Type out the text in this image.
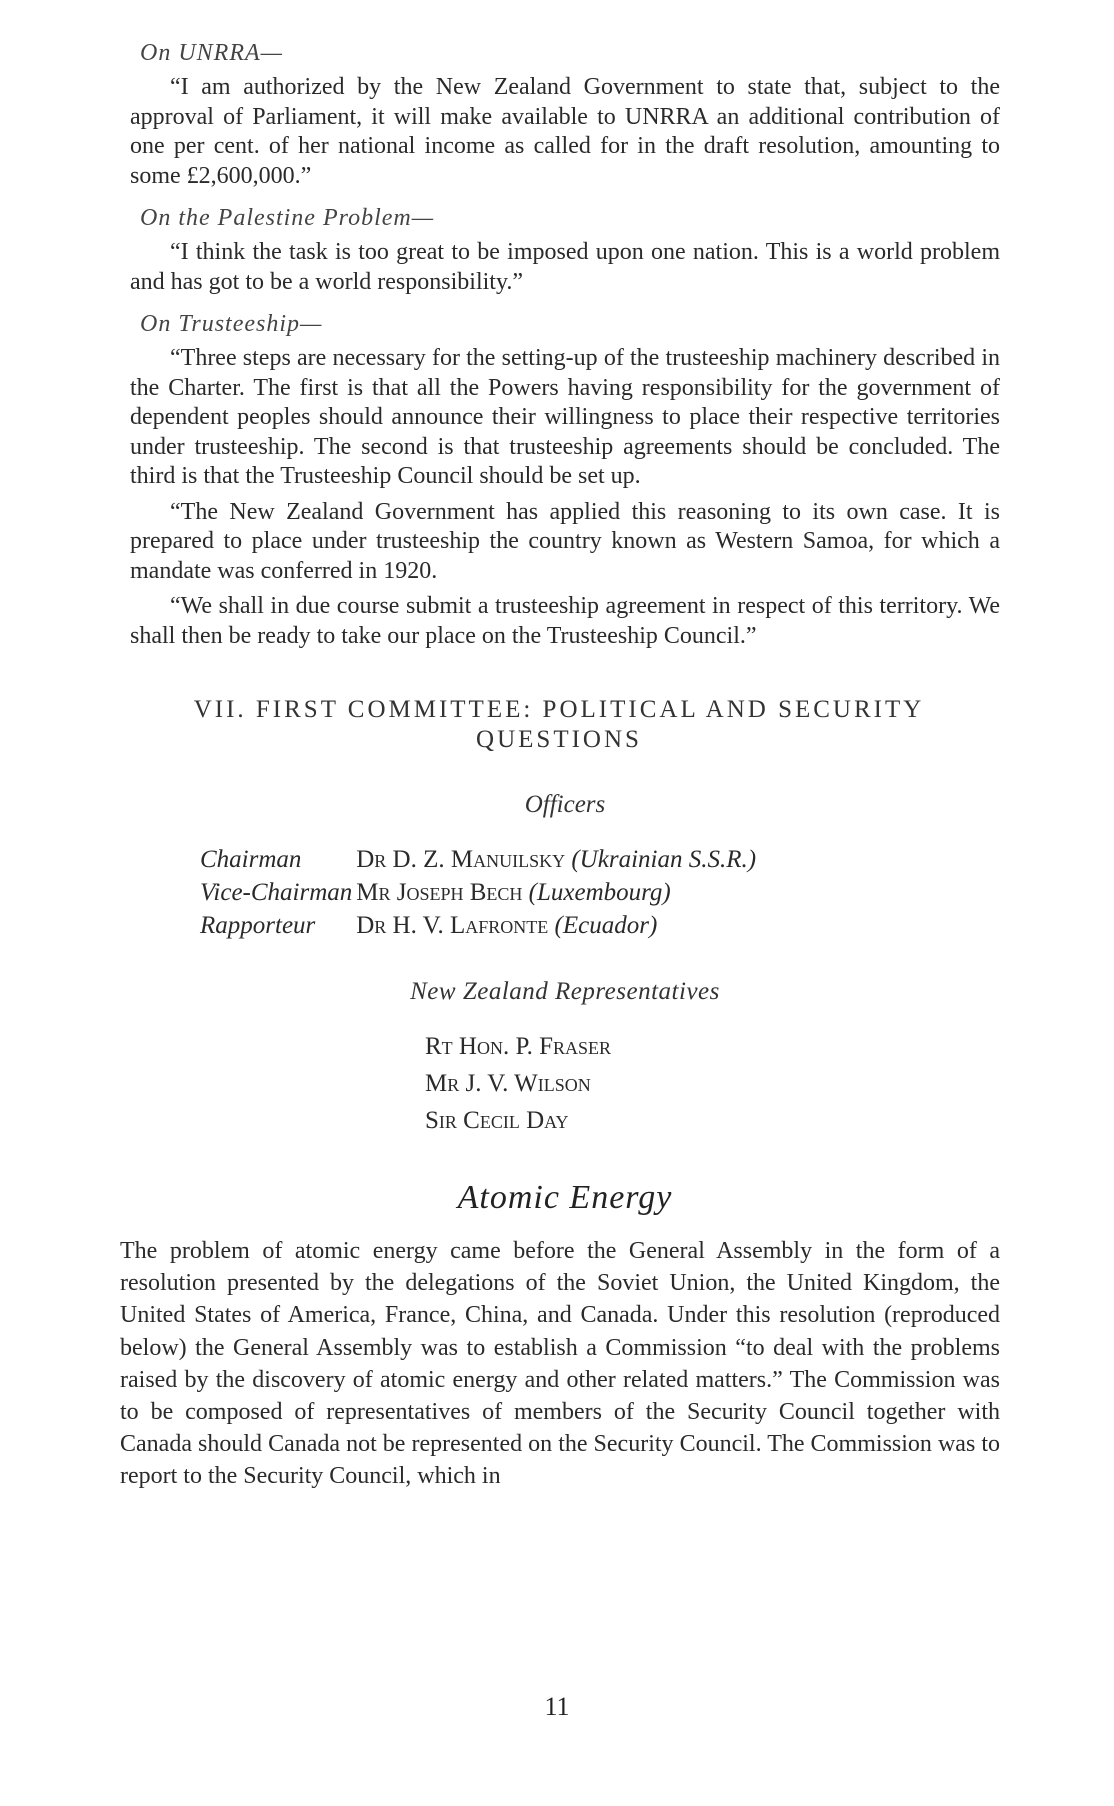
On UNRRA—

“I am authorized by the New Zealand Government to state that, subject to the approval of Parliament, it will make available to UNRRA an additional contribution of one per cent. of her national income as called for in the draft resolution, amounting to some £2,600,000.”

On the Palestine Problem—

“I think the task is too great to be imposed upon one nation. This is a world problem and has got to be a world responsibility.”

On Trusteeship—

“Three steps are necessary for the setting-up of the trusteeship machinery described in the Charter. The first is that all the Powers having responsibility for the government of dependent peoples should announce their willingness to place their respective territories under trusteeship. The second is that trusteeship agreements should be concluded. The third is that the Trusteeship Council should be set up.

“The New Zealand Government has applied this reasoning to its own case. It is prepared to place under trusteeship the country known as Western Samoa, for which a mandate was conferred in 1920.

“We shall in due course submit a trusteeship agreement in respect of this territory. We shall then be ready to take our place on the Trusteeship Council.”

VII. FIRST COMMITTEE: POLITICAL AND SECURITY
QUESTIONS
Officers
Chairman Dr D. Z. Manuilsky (Ukrainian S.S.R.)
Vice-Chairman Mr Joseph Bech (Luxembourg)
Rapporteur Dr H. V. Lafronte (Ecuador)
New Zealand Representatives
Rt Hon. P. Fraser
Mr J. V. Wilson
Sir Cecil Day
Atomic Energy

The problem of atomic energy came before the General Assembly in the form of a resolution presented by the delegations of the Soviet Union, the United Kingdom, the United States of America, France, China, and Canada. Under this resolution (reproduced below) the General Assembly was to establish a Commission “to deal with the problems raised by the discovery of atomic energy and other related matters.” The Commission was to be composed of representatives of members of the Security Council together with Canada should Canada not be represented on the Security Council. The Commission was to report to the Security Council, which in

11
